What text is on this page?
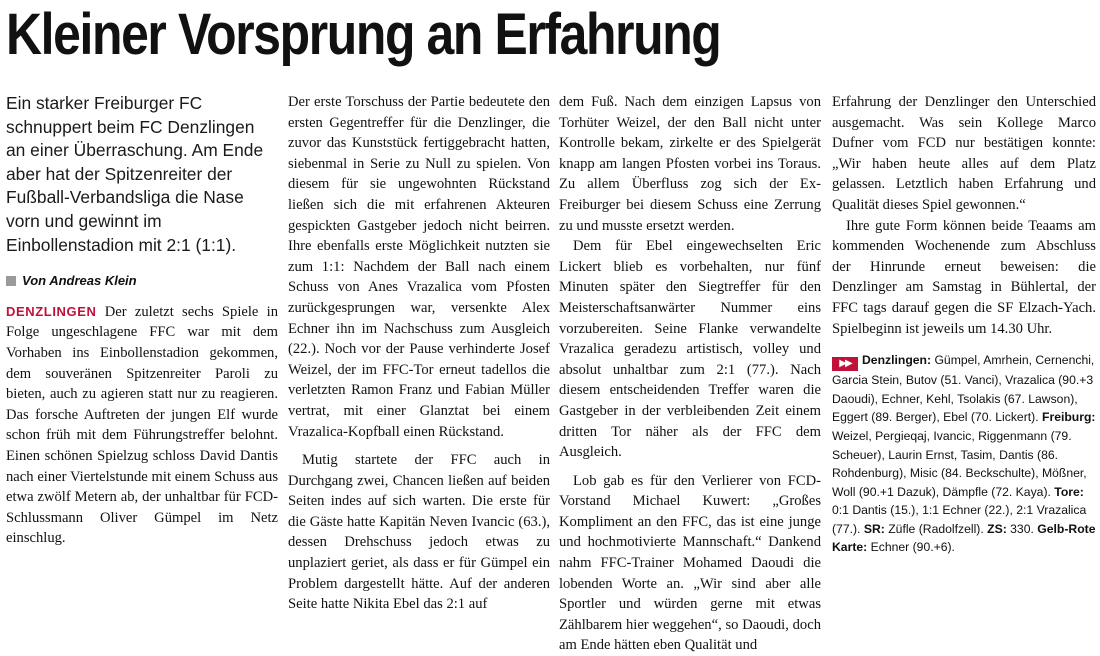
Kleiner Vorsprung an Erfahrung

Ein starker Freiburger FC schnuppert beim FC Denzlingen an einer Überraschung. Am Ende aber hat der Spitzenreiter der Fußball-Verbandsliga die Nase vorn und gewinnt im Einbollenstadion mit 2:1 (1:1).

Von Andreas Klein

DENZLINGEN Der zuletzt sechs Spiele in Folge ungeschlagene FFC war mit dem Vorhaben ins Einbollenstadion gekommen, dem souveränen Spitzenreiter Paroli zu bieten, auch zu agieren statt nur zu reagieren. Das forsche Auftreten der jungen Elf wurde schon früh mit dem Führungstreffer belohnt. Einen schönen Spielzug schloss David Dantis nach einer Viertelstunde mit einem Schuss aus etwa zwölf Metern ab, der unhaltbar für FCD-Schlussmann Oliver Gümpel im Netz einschlug.

Der erste Torschuss der Partie bedeutete den ersten Gegentreffer für die Denzlinger, die zuvor das Kunststück fertiggebracht hatten, siebenmal in Serie zu Null zu spielen. Von diesem für sie ungewohnten Rückstand ließen sich die mit erfahrenen Akteuren gespickten Gastgeber jedoch nicht beirren. Ihre ebenfalls erste Möglichkeit nutzten sie zum 1:1: Nachdem der Ball nach einem Schuss von Anes Vrazalica vom Pfosten zurückgesprungen war, versenkte Alex Echner ihn im Nachschuss zum Ausgleich (22.). Noch vor der Pause verhinderte Josef Weizel, der im FFC-Tor erneut tadellos die verletzten Ramon Franz und Fabian Müller vertrat, mit einer Glanztat bei einem Vrazalica-Kopfball einen Rückstand.

Mutig startete der FFC auch in Durchgang zwei, Chancen ließen auf beiden Seiten indes auf sich warten. Die erste für die Gäste hatte Kapitän Neven Ivancic (63.), dessen Drehschuss jedoch etwas zu unplaziert geriet, als dass er für Gümpel ein Problem dargestellt hätte. Auf der anderen Seite hatte Nikita Ebel das 2:1 auf

dem Fuß. Nach dem einzigen Lapsus von Torhüter Weizel, der den Ball nicht unter Kontrolle bekam, zirkelte er des Spielgerät knapp am langen Pfosten vorbei ins Toraus. Zu allem Überfluss zog sich der Ex-Freiburger bei diesem Schuss eine Zerrung zu und musste ersetzt werden.

Dem für Ebel eingewechselten Eric Lickert blieb es vorbehalten, nur fünf Minuten später den Siegtreffer für den Meisterschaftsanwärter Nummer eins vorzubereiten. Seine Flanke verwandelte Vrazalica geradezu artistisch, volley und absolut unhaltbar zum 2:1 (77.). Nach diesem entscheidenden Treffer waren die Gastgeber in der verbleibenden Zeit einem dritten Tor näher als der FFC dem Ausgleich.

Lob gab es für den Verlierer von FCD-Vorstand Michael Kuwert: „Großes Kompliment an den FFC, das ist eine junge und hochmotivierte Mannschaft.“ Dankend nahm FFC-Trainer Mohamed Daoudi die lobenden Worte an. „Wir sind aber alle Sportler und würden gerne mit etwas Zählbarem hier weggehen“, so Daoudi, doch am Ende hätten eben Qualität und

Erfahrung der Denzlinger den Unterschied ausgemacht. Was sein Kollege Marco Dufner vom FCD nur bestätigen konnte: „Wir haben heute alles auf dem Platz gelassen. Letztlich haben Erfahrung und Qualität dieses Spiel gewonnen.“

Ihre gute Form können beide Teaams am kommenden Wochenende zum Abschluss der Hinrunde erneut beweisen: die Denzlinger am Samstag in Bühlertal, der FFC tags darauf gegen die SF Elzach-Yach. Spielbeginn ist jeweils um 14.30 Uhr.

▶▶ Denzlingen: Gümpel, Amrhein, Cernenchi, Garcia Stein, Butov (51. Vanci), Vrazalica (90.+3 Daoudi), Echner, Kehl, Tsolakis (67. Lawson), Eggert (89. Berger), Ebel (70. Lickert). Freiburg: Weizel, Pergieqaj, Ivancic, Riggenmann (79. Scheuer), Laurin Ernst, Tasim, Dantis (86. Rohdenburg), Misic (84. Beckschulte), Mößner, Woll (90.+1 Dazuk), Dämpfle (72. Kaya). Tore: 0:1 Dantis (15.), 1:1 Echner (22.), 2:1 Vrazalica (77.). SR: Züfle (Radolfzell). ZS: 330. Gelb-Rote Karte: Echner (90.+6).
